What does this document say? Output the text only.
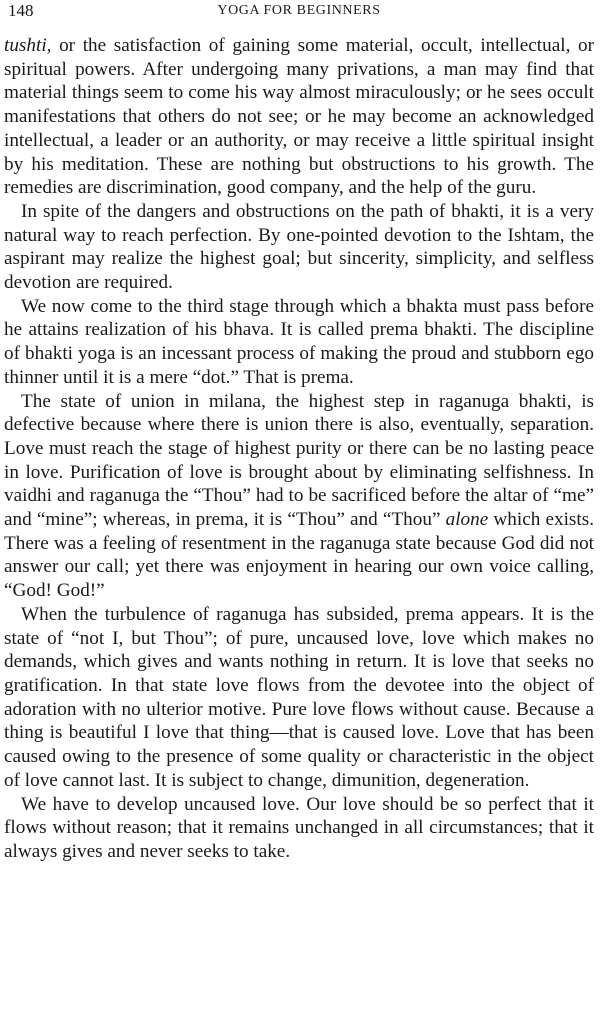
148	YOGA FOR BEGINNERS

tushti, or the satisfaction of gaining some material, occult, intellectual, or spiritual powers. After undergoing many privations, a man may find that material things seem to come his way almost miraculously; or he sees occult manifestations that others do not see; or he may become an acknowledged intellectual, a leader or an authority, or may receive a little spiritual insight by his meditation. These are nothing but obstructions to his growth. The remedies are discrimination, good company, and the help of the guru.

In spite of the dangers and obstructions on the path of bhakti, it is a very natural way to reach perfection. By one-pointed devotion to the Ishtam, the aspirant may realize the highest goal; but sincerity, simplicity, and selfless devotion are required.

We now come to the third stage through which a bhakta must pass before he attains realization of his bhava. It is called prema bhakti. The discipline of bhakti yoga is an incessant process of making the proud and stubborn ego thinner until it is a mere “dot.” That is prema.

The state of union in milana, the highest step in raganuga bhakti, is defective because where there is union there is also, eventually, separation. Love must reach the stage of highest purity or there can be no lasting peace in love. Purification of love is brought about by eliminating selfishness. In vaidhi and raganuga the “Thou” had to be sacrificed before the altar of “me” and “mine”; whereas, in prema, it is “Thou” and “Thou” alone which exists. There was a feeling of resentment in the raganuga state because God did not answer our call; yet there was enjoyment in hearing our own voice calling, “God! God!”

When the turbulence of raganuga has subsided, prema appears. It is the state of “not I, but Thou”; of pure, uncaused love, love which makes no demands, which gives and wants nothing in return. It is love that seeks no gratification. In that state love flows from the devotee into the object of adoration with no ulterior motive. Pure love flows without cause. Because a thing is beautiful I love that thing—that is caused love. Love that has been caused owing to the presence of some quality or characteristic in the object of love cannot last. It is subject to change, dimunition, degeneration.

We have to develop uncaused love. Our love should be so perfect that it flows without reason; that it remains unchanged in all circumstances; that it always gives and never seeks to take.
